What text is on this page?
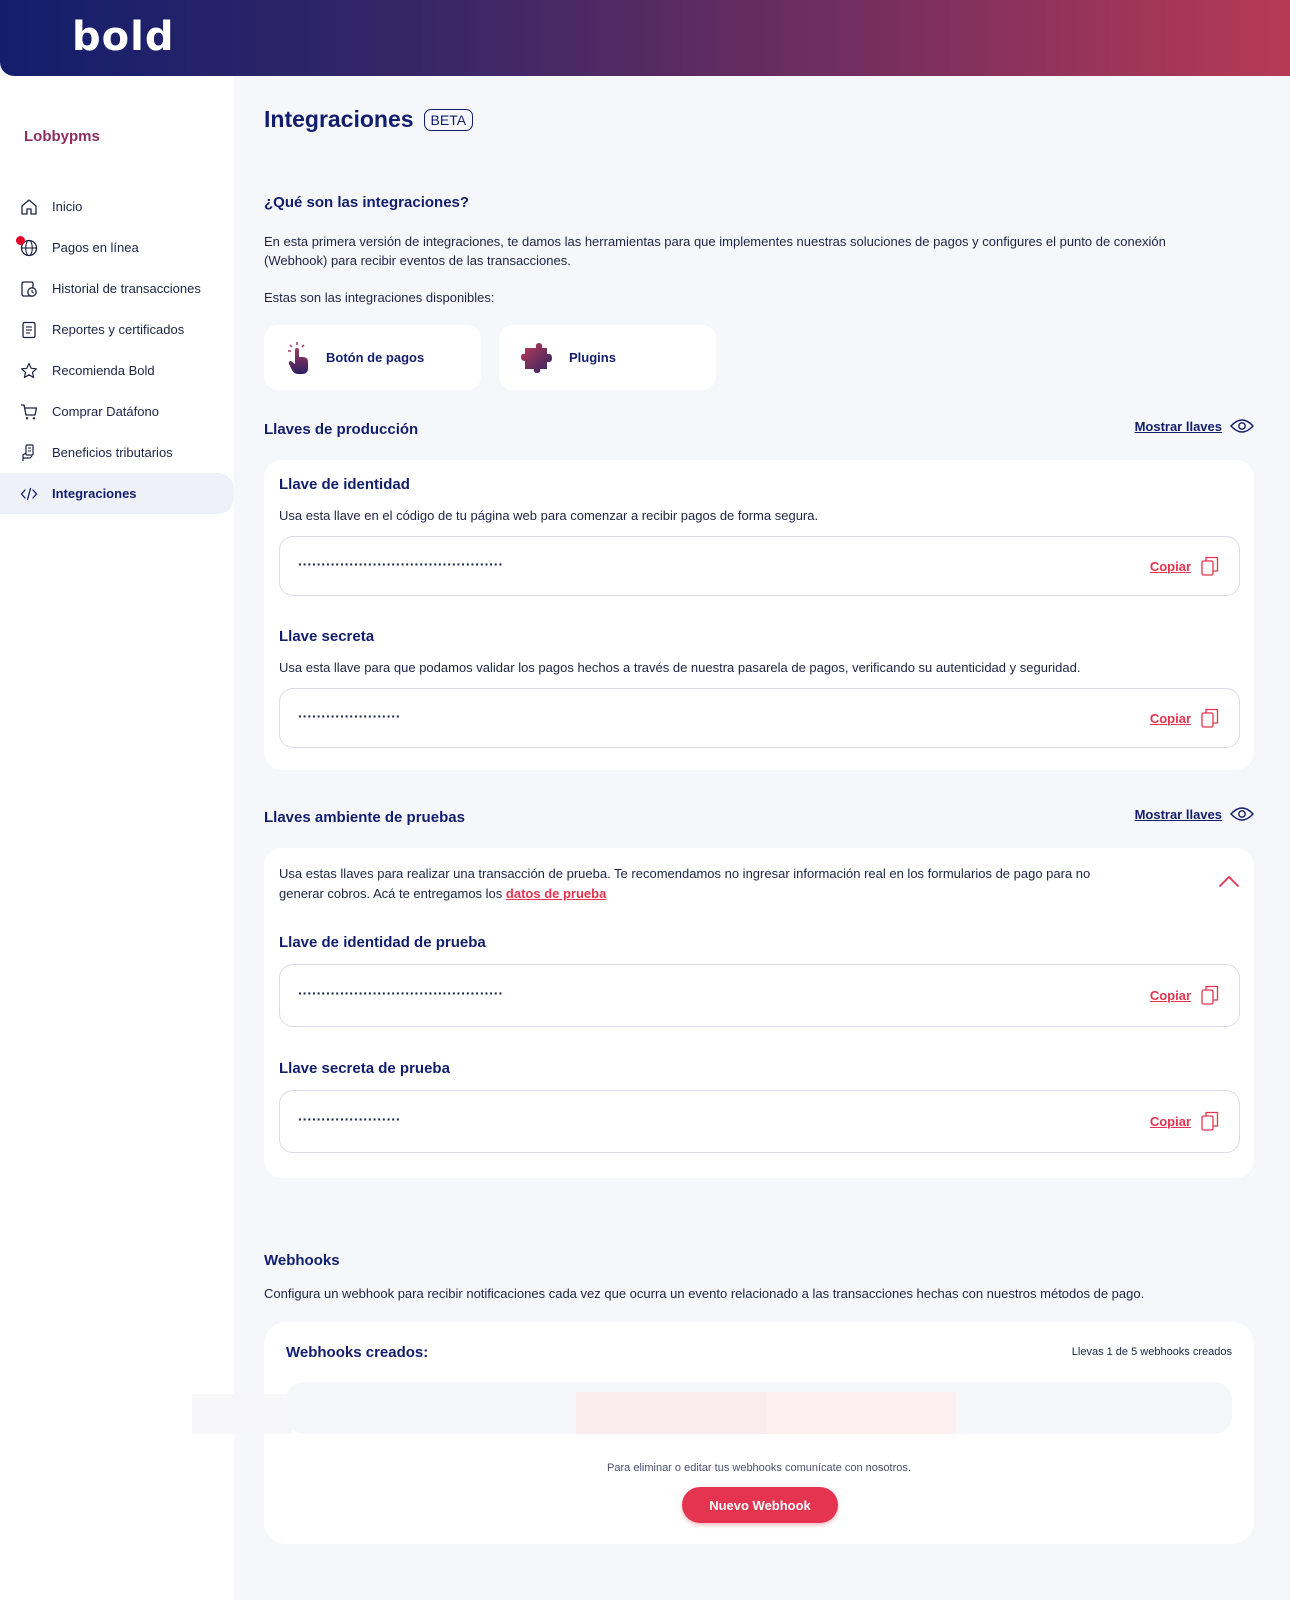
bold
Lobbypms
Inicio
Pagos en línea
Historial de transacciones
Reportes y certificados
Recomienda Bold
Comprar Datáfono
Beneficios tributarios
Integraciones
Integraciones	BETA
¿Qué son las integraciones?
En esta primera versión de integraciones, te damos las herramientas para que implementes nuestras soluciones de pagos y configures el punto de conexión (Webhook) para recibir eventos de las transacciones.
Estas son las integraciones disponibles:
Botón de pagos	Plugins
Llaves de producción	Mostrar llaves
Llave de identidad
Usa esta llave en el código de tu página web para comenzar a recibir pagos de forma segura.
············································	Copiar
Llave secreta
Usa esta llave para que podamos validar los pagos hechos a través de nuestra pasarela de pagos, verificando su autenticidad y seguridad.
······················	Copiar
Llaves ambiente de pruebas	Mostrar llaves
Usa estas llaves para realizar una transacción de prueba. Te recomendamos no ingresar información real en los formularios de pago para no
generar cobros. Acá te entregamos los datos de prueba
Llave de identidad de prueba
············································	Copiar
Llave secreta de prueba
······················	Copiar
Webhooks
Configura un webhook para recibir notificaciones cada vez que ocurra un evento relacionado a las transacciones hechas con nuestros métodos de pago.
Webhooks creados:	Llevas 1 de 5 webhooks creados
Para eliminar o editar tus webhooks comunícate con nosotros.
Nuevo Webhook
